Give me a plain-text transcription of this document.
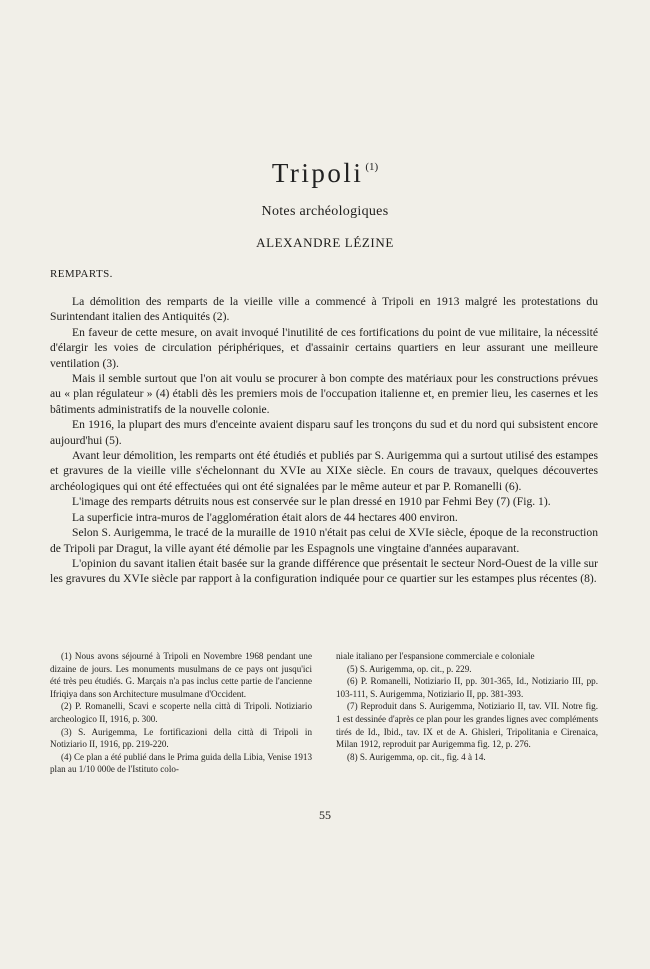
Tripoli $^{(1)}$
Notes archéologiques
ALEXANDRE LÉZINE
REMPARTS.

La démolition des remparts de la vieille ville a commencé à Tripoli en 1913 malgré les protestations du Surintendant italien des Antiquités (2).

En faveur de cette mesure, on avait invoqué l'inutilité de ces fortifications du point de vue militaire, la nécessité d'élargir les voies de circulation périphériques, et d'assainir certains quartiers en leur assurant une meilleure ventilation (3).

Mais il semble surtout que l'on ait voulu se procurer à bon compte des matériaux pour les constructions prévues au « plan régulateur » (4) établi dès les premiers mois de l'occupation italienne et, en premier lieu, les casernes et les bâtiments administratifs de la nouvelle colonie.

En 1916, la plupart des murs d'enceinte avaient disparu sauf les tronçons du sud et du nord qui subsistent encore aujourd'hui (5).

Avant leur démolition, les remparts ont été étudiés et publiés par S. Aurigemma qui a surtout utilisé des estampes et gravures de la vieille ville s'échelonnant du XVIe au XIXe siècle. En cours de travaux, quelques découvertes archéologiques qui ont été effectuées qui ont été signalées par le même auteur et par P. Romanelli (6).

L'image des remparts détruits nous est conservée sur le plan dressé en 1910 par Fehmi Bey (7) (Fig. 1).

La superficie intra-muros de l'agglomération était alors de 44 hectares 400 environ.

Selon S. Aurigemma, le tracé de la muraille de 1910 n'était pas celui de XVIe siècle, époque de la reconstruction de Tripoli par Dragut, la ville ayant été démolie par les Espagnols une vingtaine d'années auparavant.

L'opinion du savant italien était basée sur la grande différence que présentait le secteur Nord-Ouest de la ville sur les gravures du XVIe siècle par rapport à la configuration indiquée pour ce quartier sur les estampes plus récentes (8).

(1) Nous avons séjourné à Tripoli en Novembre 1968 pendant une dizaine de jours. Les monuments musulmans de ce pays ont jusqu'ici été très peu étudiés. G. Marçais n'a pas inclus cette partie de l'ancienne Ifriqiya dans son Architecture musulmane d'Occident.

(2) P. Romanelli, Scavi e scoperte nella città di Tripoli. Notiziario archeologico II, 1916, p. 300.

(3) S. Aurigemma, Le fortificazioni della città di Tripoli in Notiziario II, 1916, pp. 219-220.

(4) Ce plan a été publié dans le Prima guida della Libia, Venise 1913 plan au 1/10 000e de l'Istituto colo-

niale italiano per l'espansione commerciale e coloniale

(5) S. Aurigemma, op. cit., p. 229.

(6) P. Romanelli, Notiziario II, pp. 301-365, Id., Notiziario III, pp. 103-111, S. Aurigemma, Notiziario II, pp. 381-393.

(7) Reproduit dans S. Aurigemma, Notiziario II, tav. VII. Notre fig. 1 est dessinée d'après ce plan pour les grandes lignes avec compléments tirés de Id., Ibid., tav. IX et de A. Ghisleri, Tripolitania e Cirenaica, Milan 1912, reproduit par Aurigemma fig. 12, p. 276.

(8) S. Aurigemma, op. cit., fig. 4 à 14.

55
